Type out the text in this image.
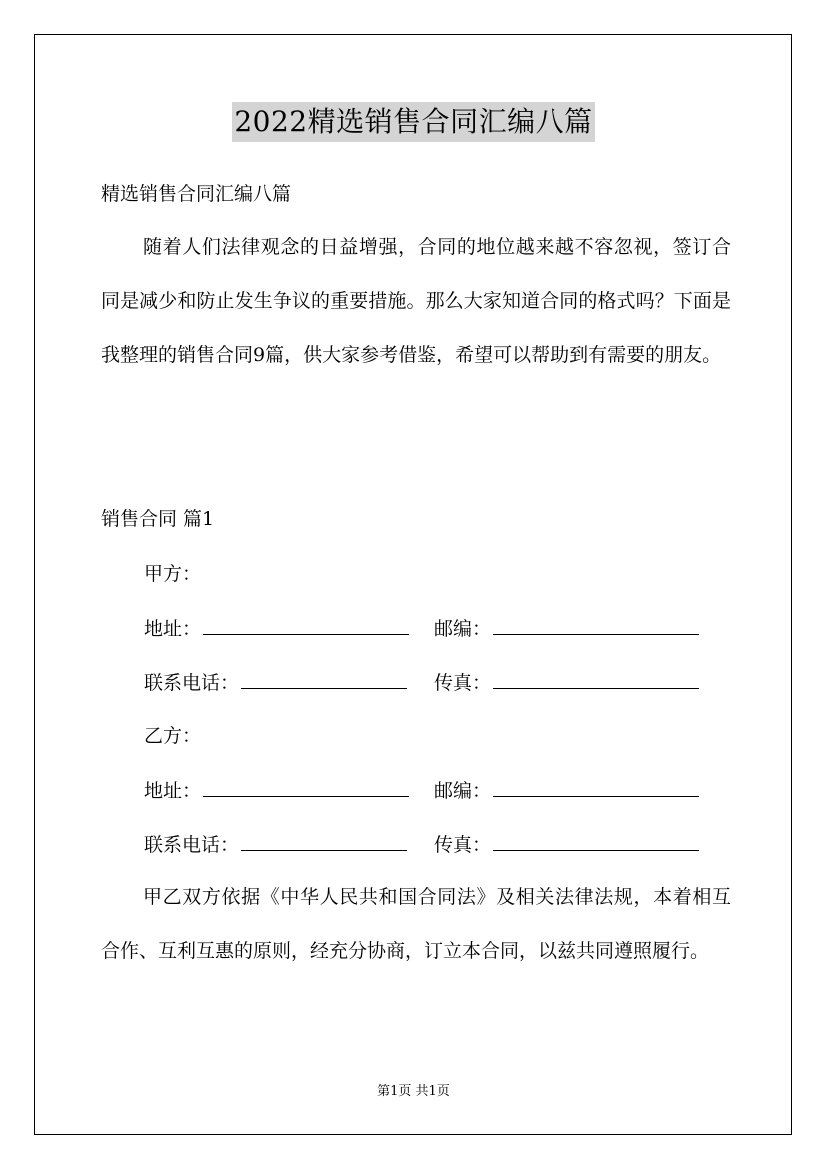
2022精选销售合同汇编八篇
精选销售合同汇编八篇

随着人们法律观念的日益增强，合同的地位越来越不容忽视，签订合同是减少和防止发生争议的重要措施。那么大家知道合同的格式吗？下面是我整理的销售合同9篇，供大家参考借鉴，希望可以帮助到有需要的朋友。

销售合同 篇1
甲方：
地址：	邮编：
联系电话：	传真：
乙方：
地址：	邮编：
联系电话：	传真：

甲乙双方依据《中华人民共和国合同法》及相关法律法规，本着相互合作、互利互惠的原则，经充分协商，订立本合同，以兹共同遵照履行。

第1页 共1页
